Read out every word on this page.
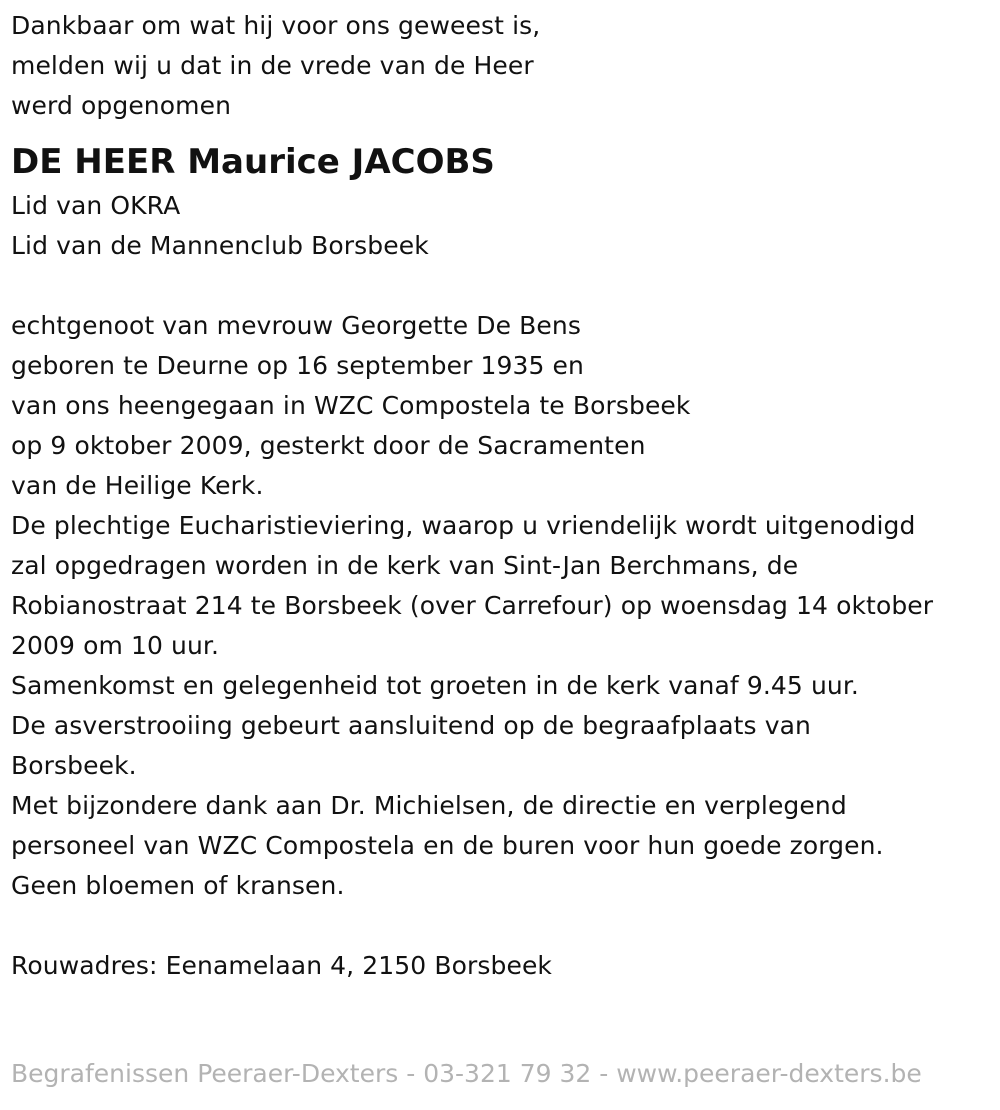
Dankbaar om wat hij voor ons geweest is,
melden wij u dat in de vrede van de Heer
werd opgenomen
DE HEER Maurice JACOBS
Lid van OKRA
Lid van de Mannenclub Borsbeek
echtgenoot van mevrouw Georgette De Bens
geboren te Deurne op 16 september 1935 en
van ons heengegaan in WZC Compostela te Borsbeek
op 9 oktober 2009, gesterkt door de Sacramenten
van de Heilige Kerk.
De plechtige Eucharistieviering, waarop u vriendelijk wordt uitgenodigd
zal opgedragen worden in de kerk van Sint-Jan Berchmans, de
Robianostraat 214 te Borsbeek (over Carrefour) op woensdag 14 oktober
2009 om 10 uur.
Samenkomst en gelegenheid tot groeten in de kerk vanaf 9.45 uur.
De asverstrooiing gebeurt aansluitend op de begraafplaats van
Borsbeek.
Met bijzondere dank aan Dr. Michielsen, de directie en verplegend
personeel van WZC Compostela en de buren voor hun goede zorgen.
Geen bloemen of kransen.
Rouwadres: Eenamelaan 4, 2150 Borsbeek
Begrafenissen Peeraer-Dexters - 03-321 79 32 - www.peeraer-dexters.be
